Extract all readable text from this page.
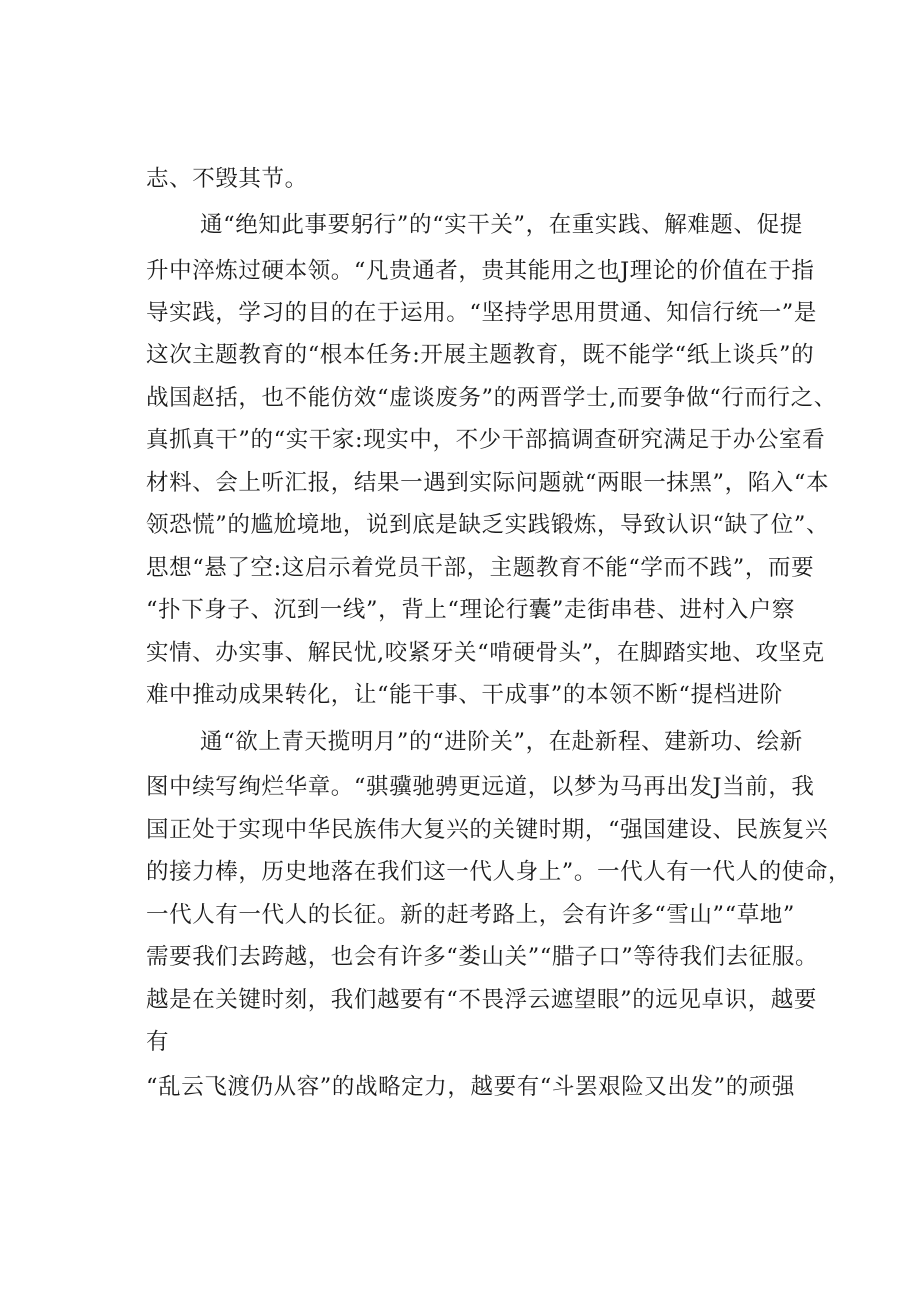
志、不毁其节。
通“绝知此事要躬行”的“实干关”，在重实践、解难题、促提
升中淬炼过硬本领。“凡贵通者，贵其能用之也J理论的价值在于指
导实践，学习的目的在于运用。“坚持学思用贯通、知信行统一”是
这次主题教育的“根本任务:开展主题教育，既不能学“纸上谈兵”的
战国赵括，也不能仿效“虚谈废务”的两晋学士,而要争做“行而行之、
真抓真干”的“实干家:现实中，不少干部搞调查研究满足于办公室看
材料、会上听汇报，结果一遇到实际问题就“两眼一抹黑”，陷入“本
领恐慌”的尴尬境地，说到底是缺乏实践锻炼，导致认识“缺了位”、
思想“悬了空:这启示着党员干部，主题教育不能“学而不践”，而要
“扑下身子、沉到一线”，背上“理论行囊”走街串巷、进村入户察
实情、办实事、解民忧,咬紧牙关“啃硬骨头”，在脚踏实地、攻坚克
难中推动成果转化，让“能干事、干成事”的本领不断“提档进阶
通“欲上青天揽明月”的“进阶关”，在赴新程、建新功、绘新
图中续写绚烂华章。“骐骥驰骋更远道，以梦为马再出发J当前，我
国正处于实现中华民族伟大复兴的关键时期，“强国建设、民族复兴
的接力棒，历史地落在我们这一代人身上”。一代人有一代人的使命，
一代人有一代人的长征。新的赶考路上，会有许多“雪山”“草地”
需要我们去跨越，也会有许多“娄山关”“腊子口”等待我们去征服。
越是在关键时刻，我们越要有“不畏浮云遮望眼”的远见卓识，越要
有
“乱云飞渡仍从容”的战略定力，越要有“斗罢艰险又出发”的顽强
